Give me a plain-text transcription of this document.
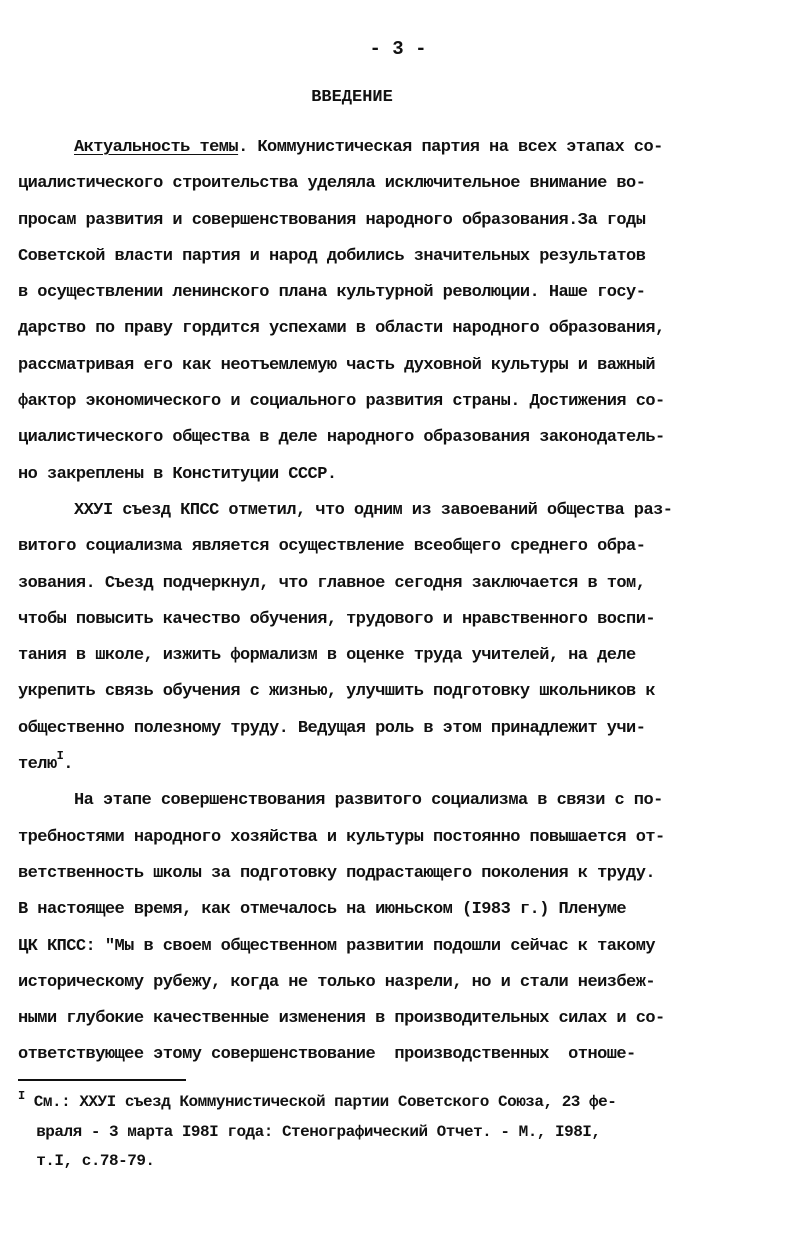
- 3 -
ВВЕДЕНИЕ
Актуальность темы. Коммунистическая партия на всех этапах со-
циалистического строительства уделяла исключительное внимание во-
просам развития и совершенствования народного образования.За годы
Советской власти партия и народ добились значительных результатов
в осуществлении ленинского плана культурной революции. Наше госу-
дарство по праву гордится успехами в области народного образования,
рассматривая его как неотъемлемую часть духовной культуры и важный
фактор экономического и социального развития страны. Достижения со-
циалистического общества в деле народного образования законодатель-
но закреплены в Конституции СССР.
ХХУI съезд КПСС отметил, что одним из завоеваний общества раз-
витого социализма является осуществление всеобщего среднего обра-
зования. Съезд подчеркнул, что главное сегодня заключается в том,
чтобы повысить качество обучения, трудового и нравственного воспи-
тания в школе, изжить формализм в оценке труда учителей, на деле
укрепить связь обучения с жизнью, улучшить подготовку школьников к
общественно полезному труду. Ведущая роль в этом принадлежит учи-
телю$^I$.
На этапе совершенствования развитого социализма в связи с по-
требностями народного хозяйства и культуры постоянно повышается от-
ветственность школы за подготовку подрастающего поколения к труду.
В настоящее время, как отмечалось на июньском (I983 г.) Пленуме
ЦК КПСС: "Мы в своем общественном развитии подошли сейчас к такому
историческому рубежу, когда не только назрели, но и стали неизбеж-
ными глубокие качественные изменения в производительных силах и со-
ответствующее этому совершенствование  производственных  отноше-
$^I$ См.: ХХУI съезд Коммунистической партии Советского Союза, 23 фе-
враля - 3 марта I98I года: Стенографический Отчет. - М., I98I,
т.I, с.78-79.
